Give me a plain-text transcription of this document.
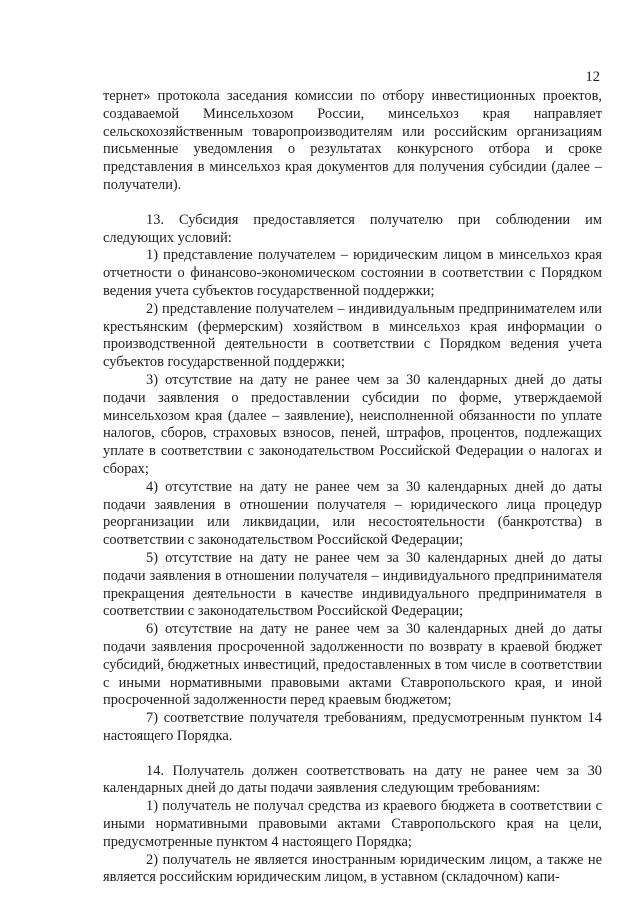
12

тернет» протокола заседания комиссии по отбору инвестиционных проектов, создаваемой Минсельхозом России, минсельхоз края направляет сельскохозяйственным товаропроизводителям или российским организациям письменные уведомления о результатах конкурсного отбора и сроке представления в минсельхоз края документов для получения субсидии (далее – получатели).

13. Субсидия предоставляется получателю при соблюдении им следующих условий:

1) представление получателем – юридическим лицом в минсельхоз края отчетности о финансово-экономическом состоянии в соответствии с Порядком ведения учета субъектов государственной поддержки;

2) представление получателем – индивидуальным предпринимателем или крестьянским (фермерским) хозяйством в минсельхоз края информации о производственной деятельности в соответствии с Порядком ведения учета субъектов государственной поддержки;

3) отсутствие на дату не ранее чем за 30 календарных дней до даты подачи заявления о предоставлении субсидии по форме, утверждаемой минсельхозом края (далее – заявление), неисполненной обязанности по уплате налогов, сборов, страховых взносов, пеней, штрафов, процентов, подлежащих уплате в соответствии с законодательством Российской Федерации о налогах и сборах;

4) отсутствие на дату не ранее чем за 30 календарных дней до даты подачи заявления в отношении получателя – юридического лица процедур реорганизации или ликвидации, или несостоятельности (банкротства) в соответствии с законодательством Российской Федерации;

5) отсутствие на дату не ранее чем за 30 календарных дней до даты подачи заявления в отношении получателя – индивидуального предпринимателя прекращения деятельности в качестве индивидуального предпринимателя в соответствии с законодательством Российской Федерации;

6) отсутствие на дату не ранее чем за 30 календарных дней до даты подачи заявления просроченной задолженности по возврату в краевой бюджет субсидий, бюджетных инвестиций, предоставленных в том числе в соответствии с иными нормативными правовыми актами Ставропольского края, и иной просроченной задолженности перед краевым бюджетом;

7) соответствие получателя требованиям, предусмотренным пунктом 14 настоящего Порядка.

14. Получатель должен соответствовать на дату не ранее чем за 30 календарных дней до даты подачи заявления следующим требованиям:

1) получатель не получал средства из краевого бюджета в соответствии с иными нормативными правовыми актами Ставропольского края на цели, предусмотренные пунктом 4 настоящего Порядка;

2) получатель не является иностранным юридическим лицом, а также не является российским юридическим лицом, в уставном (складочном) капи-
